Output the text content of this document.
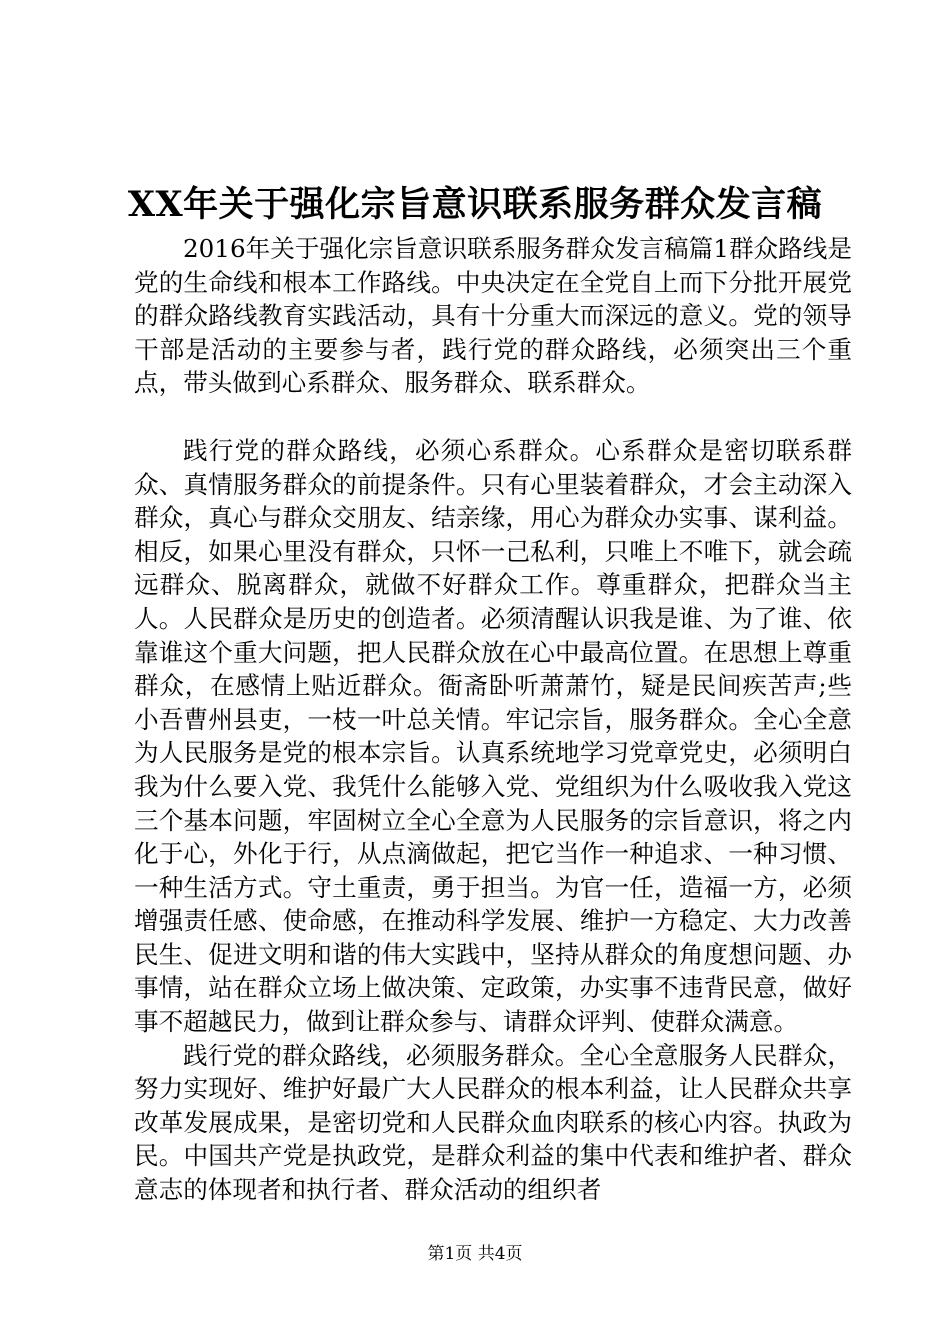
XX年关于强化宗旨意识联系服务群众发言稿

2016年关于强化宗旨意识联系服务群众发言稿篇1群众路线是党的生命线和根本工作路线。中央决定在全党自上而下分批开展党的群众路线教育实践活动，具有十分重大而深远的意义。党的领导干部是活动的主要参与者，践行党的群众路线，必须突出三个重点，带头做到心系群众、服务群众、联系群众。

践行党的群众路线，必须心系群众。心系群众是密切联系群众、真情服务群众的前提条件。只有心里装着群众，才会主动深入群众，真心与群众交朋友、结亲缘，用心为群众办实事、谋利益。相反，如果心里没有群众，只怀一己私利，只唯上不唯下，就会疏远群众、脱离群众，就做不好群众工作。尊重群众，把群众当主人。人民群众是历史的创造者。必须清醒认识我是谁、为了谁、依靠谁这个重大问题，把人民群众放在心中最高位置。在思想上尊重群众，在感情上贴近群众。衙斋卧听萧萧竹，疑是民间疾苦声;些小吾曹州县吏，一枝一叶总关情。牢记宗旨，服务群众。全心全意为人民服务是党的根本宗旨。认真系统地学习党章党史，必须明白我为什么要入党、我凭什么能够入党、党组织为什么吸收我入党这三个基本问题，牢固树立全心全意为人民服务的宗旨意识，将之内化于心，外化于行，从点滴做起，把它当作一种追求、一种习惯、一种生活方式。守土重责，勇于担当。为官一任，造福一方，必须增强责任感、使命感，在推动科学发展、维护一方稳定、大力改善民生、促进文明和谐的伟大实践中，坚持从群众的角度想问题、办事情，站在群众立场上做决策、定政策，办实事不违背民意，做好事不超越民力，做到让群众参与、请群众评判、使群众满意。

践行党的群众路线，必须服务群众。全心全意服务人民群众，努力实现好、维护好最广大人民群众的根本利益，让人民群众共享改革发展成果，是密切党和人民群众血肉联系的核心内容。执政为民。中国共产党是执政党，是群众利益的集中代表和维护者、群众意志的体现者和执行者、群众活动的组织者

第1页 共4页
